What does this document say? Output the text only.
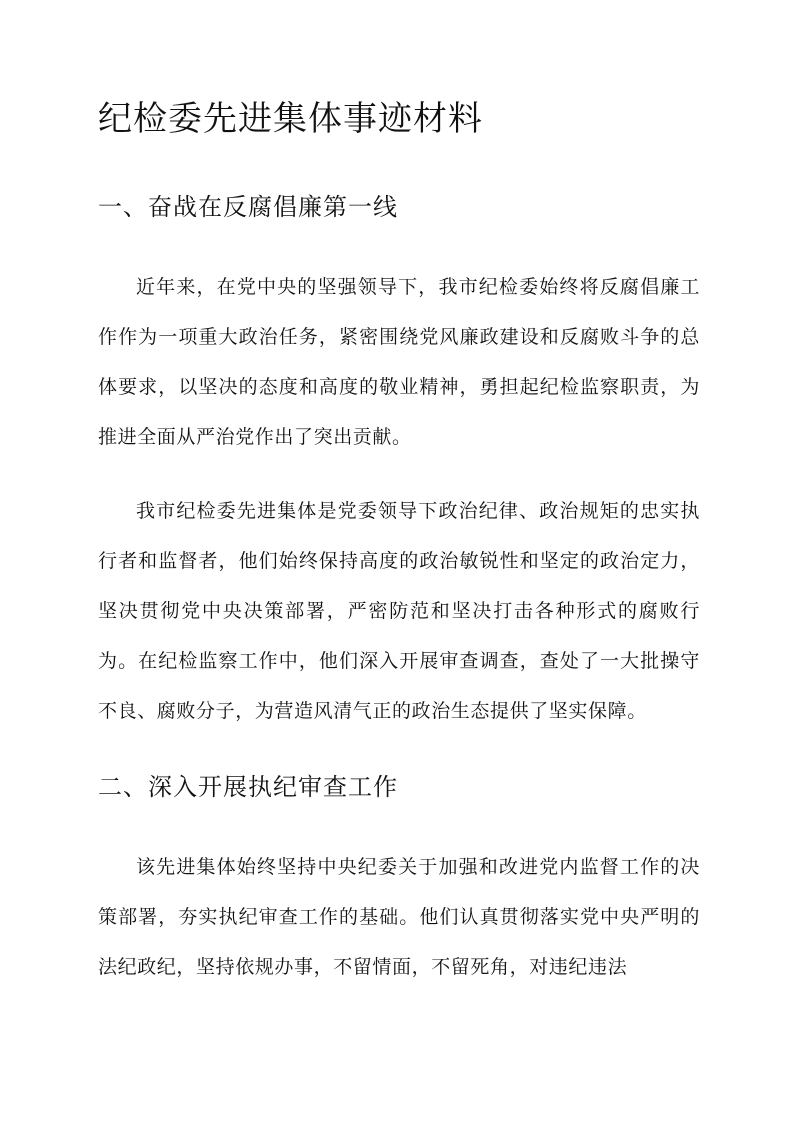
纪检委先进集体事迹材料
一、奋战在反腐倡廉第一线

近年来，在党中央的坚强领导下，我市纪检委始终将反腐倡廉工作作为一项重大政治任务，紧密围绕党风廉政建设和反腐败斗争的总体要求，以坚决的态度和高度的敬业精神，勇担起纪检监察职责，为推进全面从严治党作出了突出贡献。

我市纪检委先进集体是党委领导下政治纪律、政治规矩的忠实执行者和监督者，他们始终保持高度的政治敏锐性和坚定的政治定力，坚决贯彻党中央决策部署，严密防范和坚决打击各种形式的腐败行为。在纪检监察工作中，他们深入开展审查调查，查处了一大批操守不良、腐败分子，为营造风清气正的政治生态提供了坚实保障。

二、深入开展执纪审查工作

该先进集体始终坚持中央纪委关于加强和改进党内监督工作的决策部署，夯实执纪审查工作的基础。他们认真贯彻落实党中央严明的法纪政纪，坚持依规办事，不留情面，不留死角，对违纪违法
